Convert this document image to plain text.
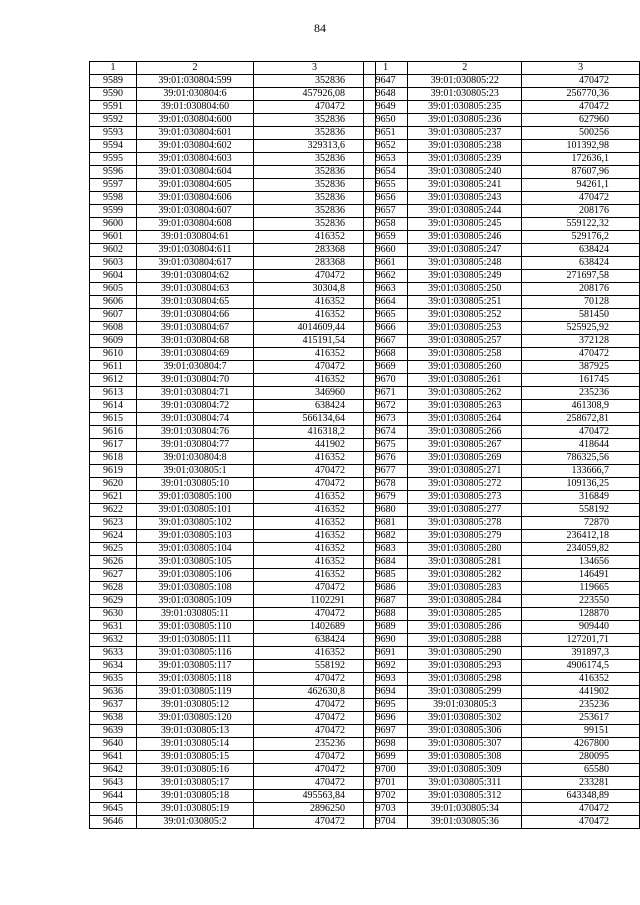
84
1	2	3
9589	39:01:030804:599	352836
9590	39:01:030804:6	457926,08
9591	39:01:030804:60	470472
9592	39:01:030804:600	352836
9593	39:01:030804:601	352836
9594	39:01:030804:602	329313,6
9595	39:01:030804:603	352836
9596	39:01:030804:604	352836
9597	39:01:030804:605	352836
9598	39:01:030804:606	352836
9599	39:01:030804:607	352836
9600	39:01:030804:608	352836
9601	39:01:030804:61	416352
9602	39:01:030804:611	283368
9603	39:01:030804:617	283368
9604	39:01:030804:62	470472
9605	39:01:030804:63	30304,8
9606	39:01:030804:65	416352
9607	39:01:030804:66	416352
9608	39:01:030804:67	4014609,44
9609	39:01:030804:68	415191,54
9610	39:01:030804:69	416352
9611	39:01:030804:7	470472
9612	39:01:030804:70	416352
9613	39:01:030804:71	346960
9614	39:01:030804:72	638424
9615	39:01:030804:74	566134,64
9616	39:01:030804:76	416318,2
9617	39:01:030804:77	441902
9618	39:01:030804:8	416352
9619	39:01:030805:1	470472
9620	39:01:030805:10	470472
9621	39:01:030805:100	416352
9622	39:01:030805:101	416352
9623	39:01:030805:102	416352
9624	39:01:030805:103	416352
9625	39:01:030805:104	416352
9626	39:01:030805:105	416352
9627	39:01:030805:106	416352
9628	39:01:030805:108	470472
9629	39:01:030805:109	1102291
9630	39:01:030805:11	470472
9631	39:01:030805:110	1402689
9632	39:01:030805:111	638424
9633	39:01:030805:116	416352
9634	39:01:030805:117	558192
9635	39:01:030805:118	470472
9636	39:01:030805:119	462630,8
9637	39:01:030805:12	470472
9638	39:01:030805:120	470472
9639	39:01:030805:13	470472
9640	39:01:030805:14	235236
9641	39:01:030805:15	470472
9642	39:01:030805:16	470472
9643	39:01:030805:17	470472
9644	39:01:030805:18	495563,84
9645	39:01:030805:19	2896250
9646	39:01:030805:2	470472
1	2	3
9647	39:01:030805:22	470472
9648	39:01:030805:23	256770,36
9649	39:01:030805:235	470472
9650	39:01:030805:236	627960
9651	39:01:030805:237	500256
9652	39:01:030805:238	101392,98
9653	39:01:030805:239	172636,1
9654	39:01:030805:240	87607,96
9655	39:01:030805:241	94261,1
9656	39:01:030805:243	470472
9657	39:01:030805:244	208176
9658	39:01:030805:245	559122,32
9659	39:01:030805:246	529176,2
9660	39:01:030805:247	638424
9661	39:01:030805:248	638424
9662	39:01:030805:249	271697,58
9663	39:01:030805:250	208176
9664	39:01:030805:251	70128
9665	39:01:030805:252	581450
9666	39:01:030805:253	525925,92
9667	39:01:030805:257	372128
9668	39:01:030805:258	470472
9669	39:01:030805:260	387925
9670	39:01:030805:261	161745
9671	39:01:030805:262	235236
9672	39:01:030805:263	461308,9
9673	39:01:030805:264	258672,81
9674	39:01:030805:266	470472
9675	39:01:030805:267	418644
9676	39:01:030805:269	786325,56
9677	39:01:030805:271	133666,7
9678	39:01:030805:272	109136,25
9679	39:01:030805:273	316849
9680	39:01:030805:277	558192
9681	39:01:030805:278	72870
9682	39:01:030805:279	236412,18
9683	39:01:030805:280	234059,82
9684	39:01:030805:281	134656
9685	39:01:030805:282	146491
9686	39:01:030805:283	119665
9687	39:01:030805:284	223550
9688	39:01:030805:285	128870
9689	39:01:030805:286	909440
9690	39:01:030805:288	127201,71
9691	39:01:030805:290	391897,3
9692	39:01:030805:293	4906174,5
9693	39:01:030805:298	416352
9694	39:01:030805:299	441902
9695	39:01:030805:3	235236
9696	39:01:030805:302	253617
9697	39:01:030805:306	99151
9698	39:01:030805:307	4267800
9699	39:01:030805:308	280095
9700	39:01:030805:309	65580
9701	39:01:030805:311	233281
9702	39:01:030805:312	643348,89
9703	39:01:030805:34	470472
9704	39:01:030805:36	470472
